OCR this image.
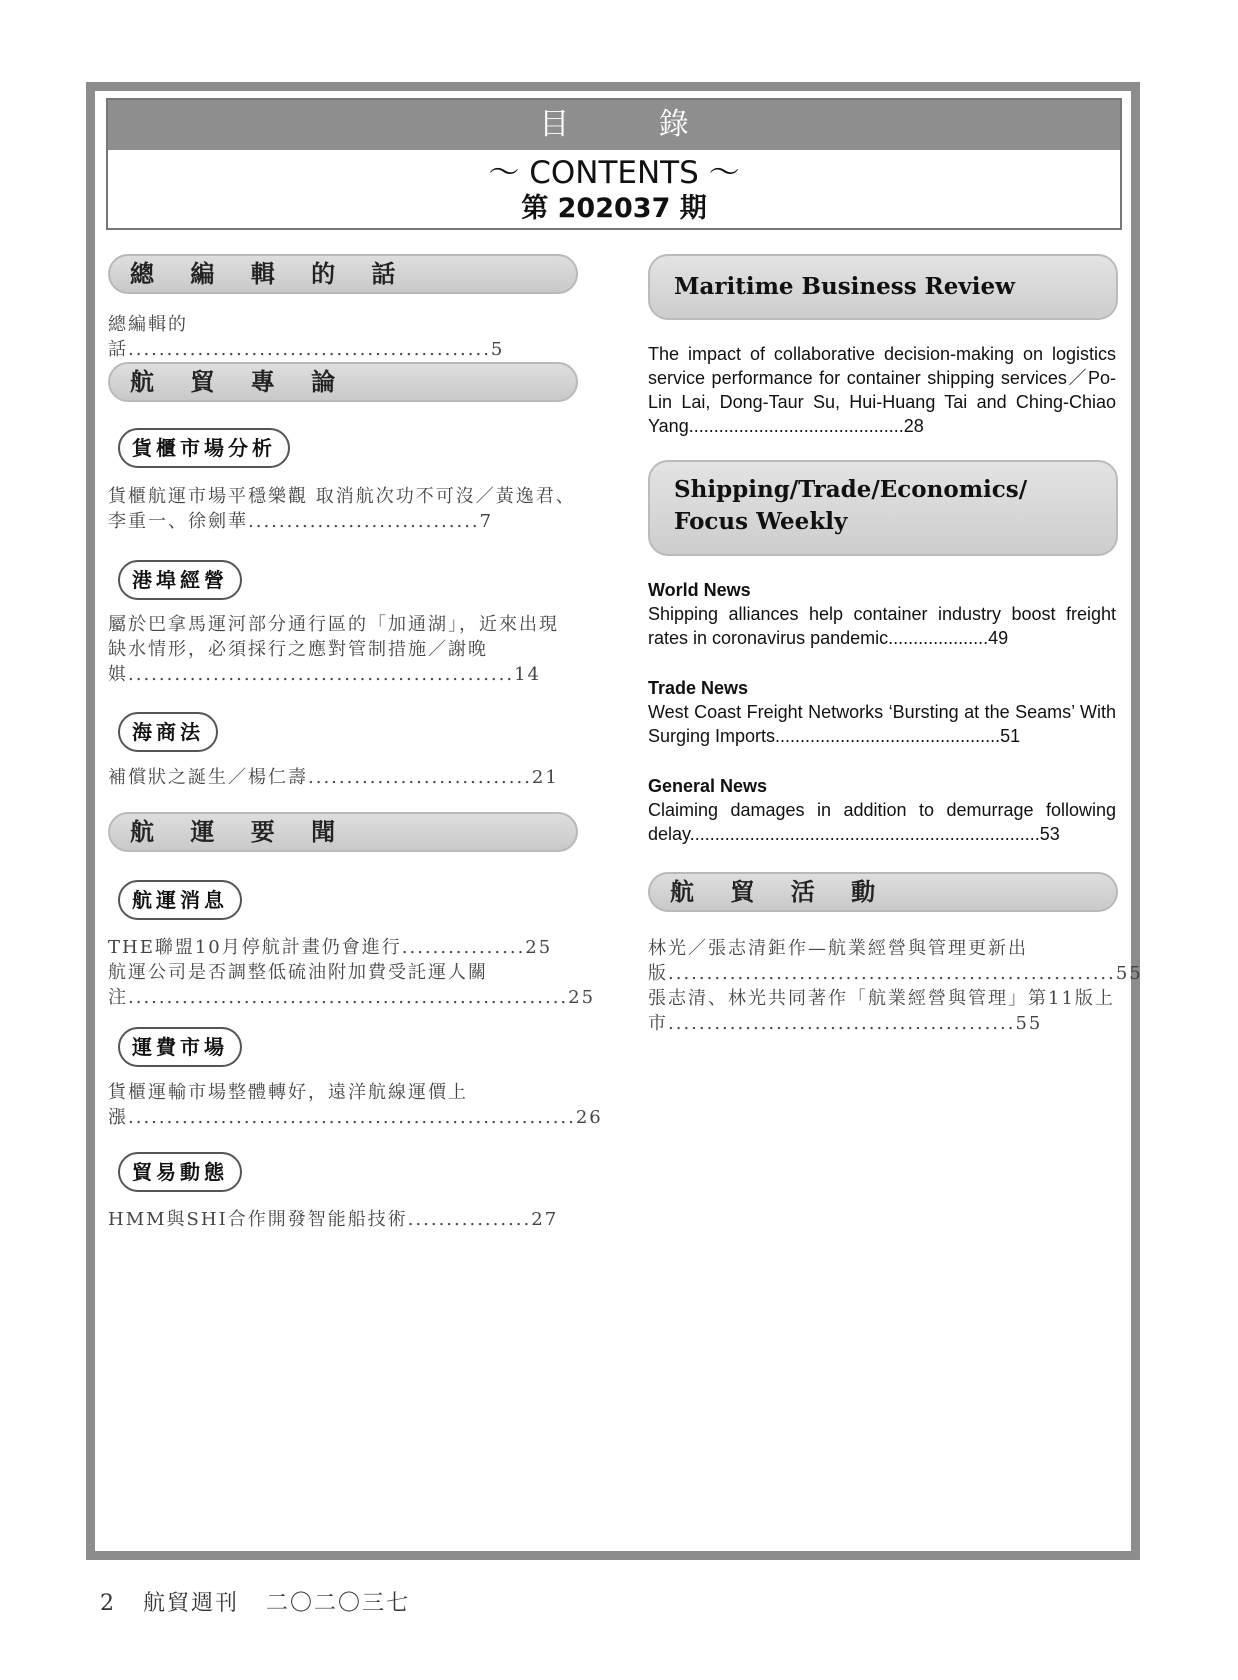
目 錄
～ CONTENTS ～
第 202037 期
總 編 輯 的 話
總編輯的話...............................................5
航 貿 專 論
貨櫃市場分析
貨櫃航運市場平穩樂觀 取消航次功不可沒／黃逸君、李重一、徐劍華..............................7
港埠經營
屬於巴拿馬運河部分通行區的「加通湖」，近來出現缺水情形，必須採行之應對管制措施／謝晚娸..................................................14
海商法
補償狀之誕生／楊仁壽.............................21
航 運 要 聞
航運消息
THE聯盟10月停航計畫仍會進行................25
航運公司是否調整低硫油附加費受託運人關注.........................................................25
運費市場
貨櫃運輸市場整體轉好，遠洋航線運價上漲..........................................................26
貿易動態
HMM與SHI合作開發智能船技術................27
Maritime Business Review
The impact of collaborative decision-making on logistics service performance for container shipping services／Po-Lin Lai, Dong-Taur Su, Hui-Huang Tai and Ching-Chiao Yang...........................................28
Shipping/Trade/Economics/
Focus Weekly
World News
Shipping alliances help container industry boost freight rates in coronavirus pandemic....................49
Trade News
West Coast Freight Networks ‘Bursting at the Seams’ With Surging Imports.............................................51
General News
Claiming damages in addition to demurrage following delay......................................................................53
航 貿 活 動
林光／張志清鉅作—航業經營與管理更新出版..........................................................55
張志清、林光共同著作「航業經營與管理」第11版上市.............................................55
2 航貿週刊 二〇二〇三七
